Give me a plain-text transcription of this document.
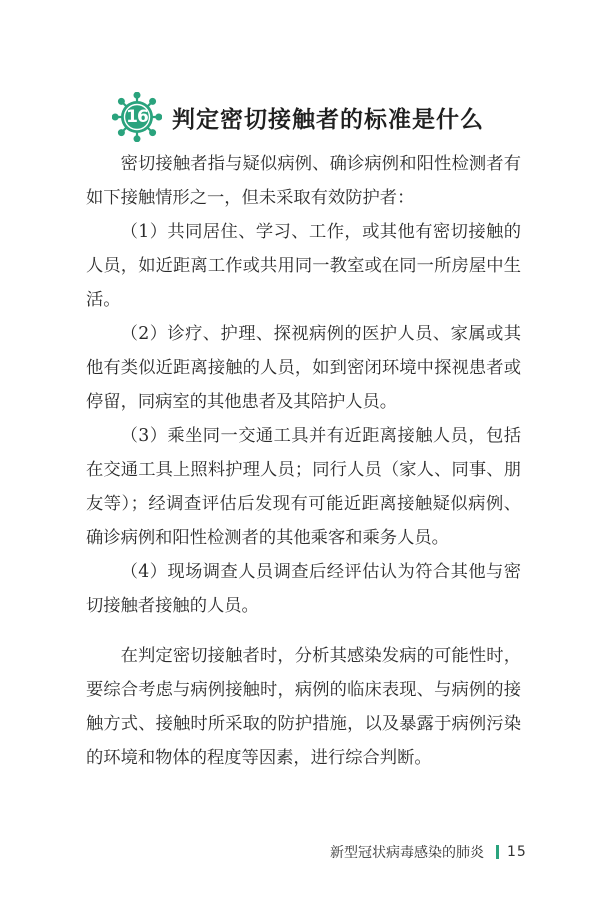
16	判定密切接触者的标准是什么

密切接触者指与疑似病例、确诊病例和阳性检测者有如下接触情形之一，但未采取有效防护者：

（1）共同居住、学习、工作，或其他有密切接触的人员，如近距离工作或共用同一教室或在同一所房屋中生活。

（2）诊疗、护理、探视病例的医护人员、家属或其他有类似近距离接触的人员，如到密闭环境中探视患者或停留，同病室的其他患者及其陪护人员。

（3）乘坐同一交通工具并有近距离接触人员，包括在交通工具上照料护理人员；同行人员（家人、同事、朋友等）；经调查评估后发现有可能近距离接触疑似病例、确诊病例和阳性检测者的其他乘客和乘务人员。

（4）现场调查人员调查后经评估认为符合其他与密切接触者接触的人员。

在判定密切接触者时，分析其感染发病的可能性时，要综合考虑与病例接触时，病例的临床表现、与病例的接触方式、接触时所采取的防护措施，以及暴露于病例污染的环境和物体的程度等因素，进行综合判断。

新型冠状病毒感染的肺炎 15
